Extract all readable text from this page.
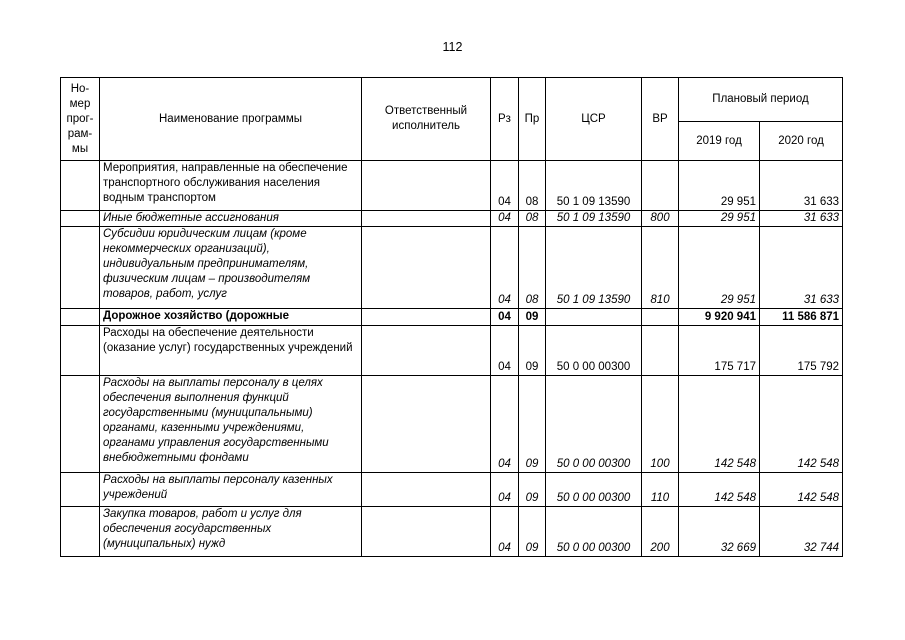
112
Но-
мер
прог-
рам-
мы	Наименование программы	Ответственный исполнитель	Рз	Пр	ЦСР	ВР	Плановый период	
							2019 год	2020 год
	Мероприятия, направленные на обеспечение транспортного обслуживания населения водным транспортом		04	08	50 1 09 13590		29 951	31 633
	Иные бюджетные ассигнования		04	08	50 1 09 13590	800	29 951	31 633
	Субсидии юридическим лицам (кроме некоммерческих организаций), индивидуальным предпринимателям, физическим лицам – производителям товаров, работ, услуг		04	08	50 1 09 13590	810	29 951	31 633
	Дорожное хозяйство (дорожные		04	09			9 920 941	11 586 871
	Расходы на обеспечение деятельности (оказание услуг) государственных учреждений		04	09	50 0 00 00300		175 717	175 792
	Расходы на выплаты персоналу в целях обеспечения выполнения функций государственными (муниципальными) органами, казенными учреждениями, органами управления государственными внебюджетными фондами		04	09	50 0 00 00300	100	142 548	142 548
	Расходы на выплаты персоналу казенных учреждений		04	09	50 0 00 00300	110	142 548	142 548
	Закупка товаров, работ и услуг для обеспечения государственных (муниципальных) нужд		04	09	50 0 00 00300	200	32 669	32 744
